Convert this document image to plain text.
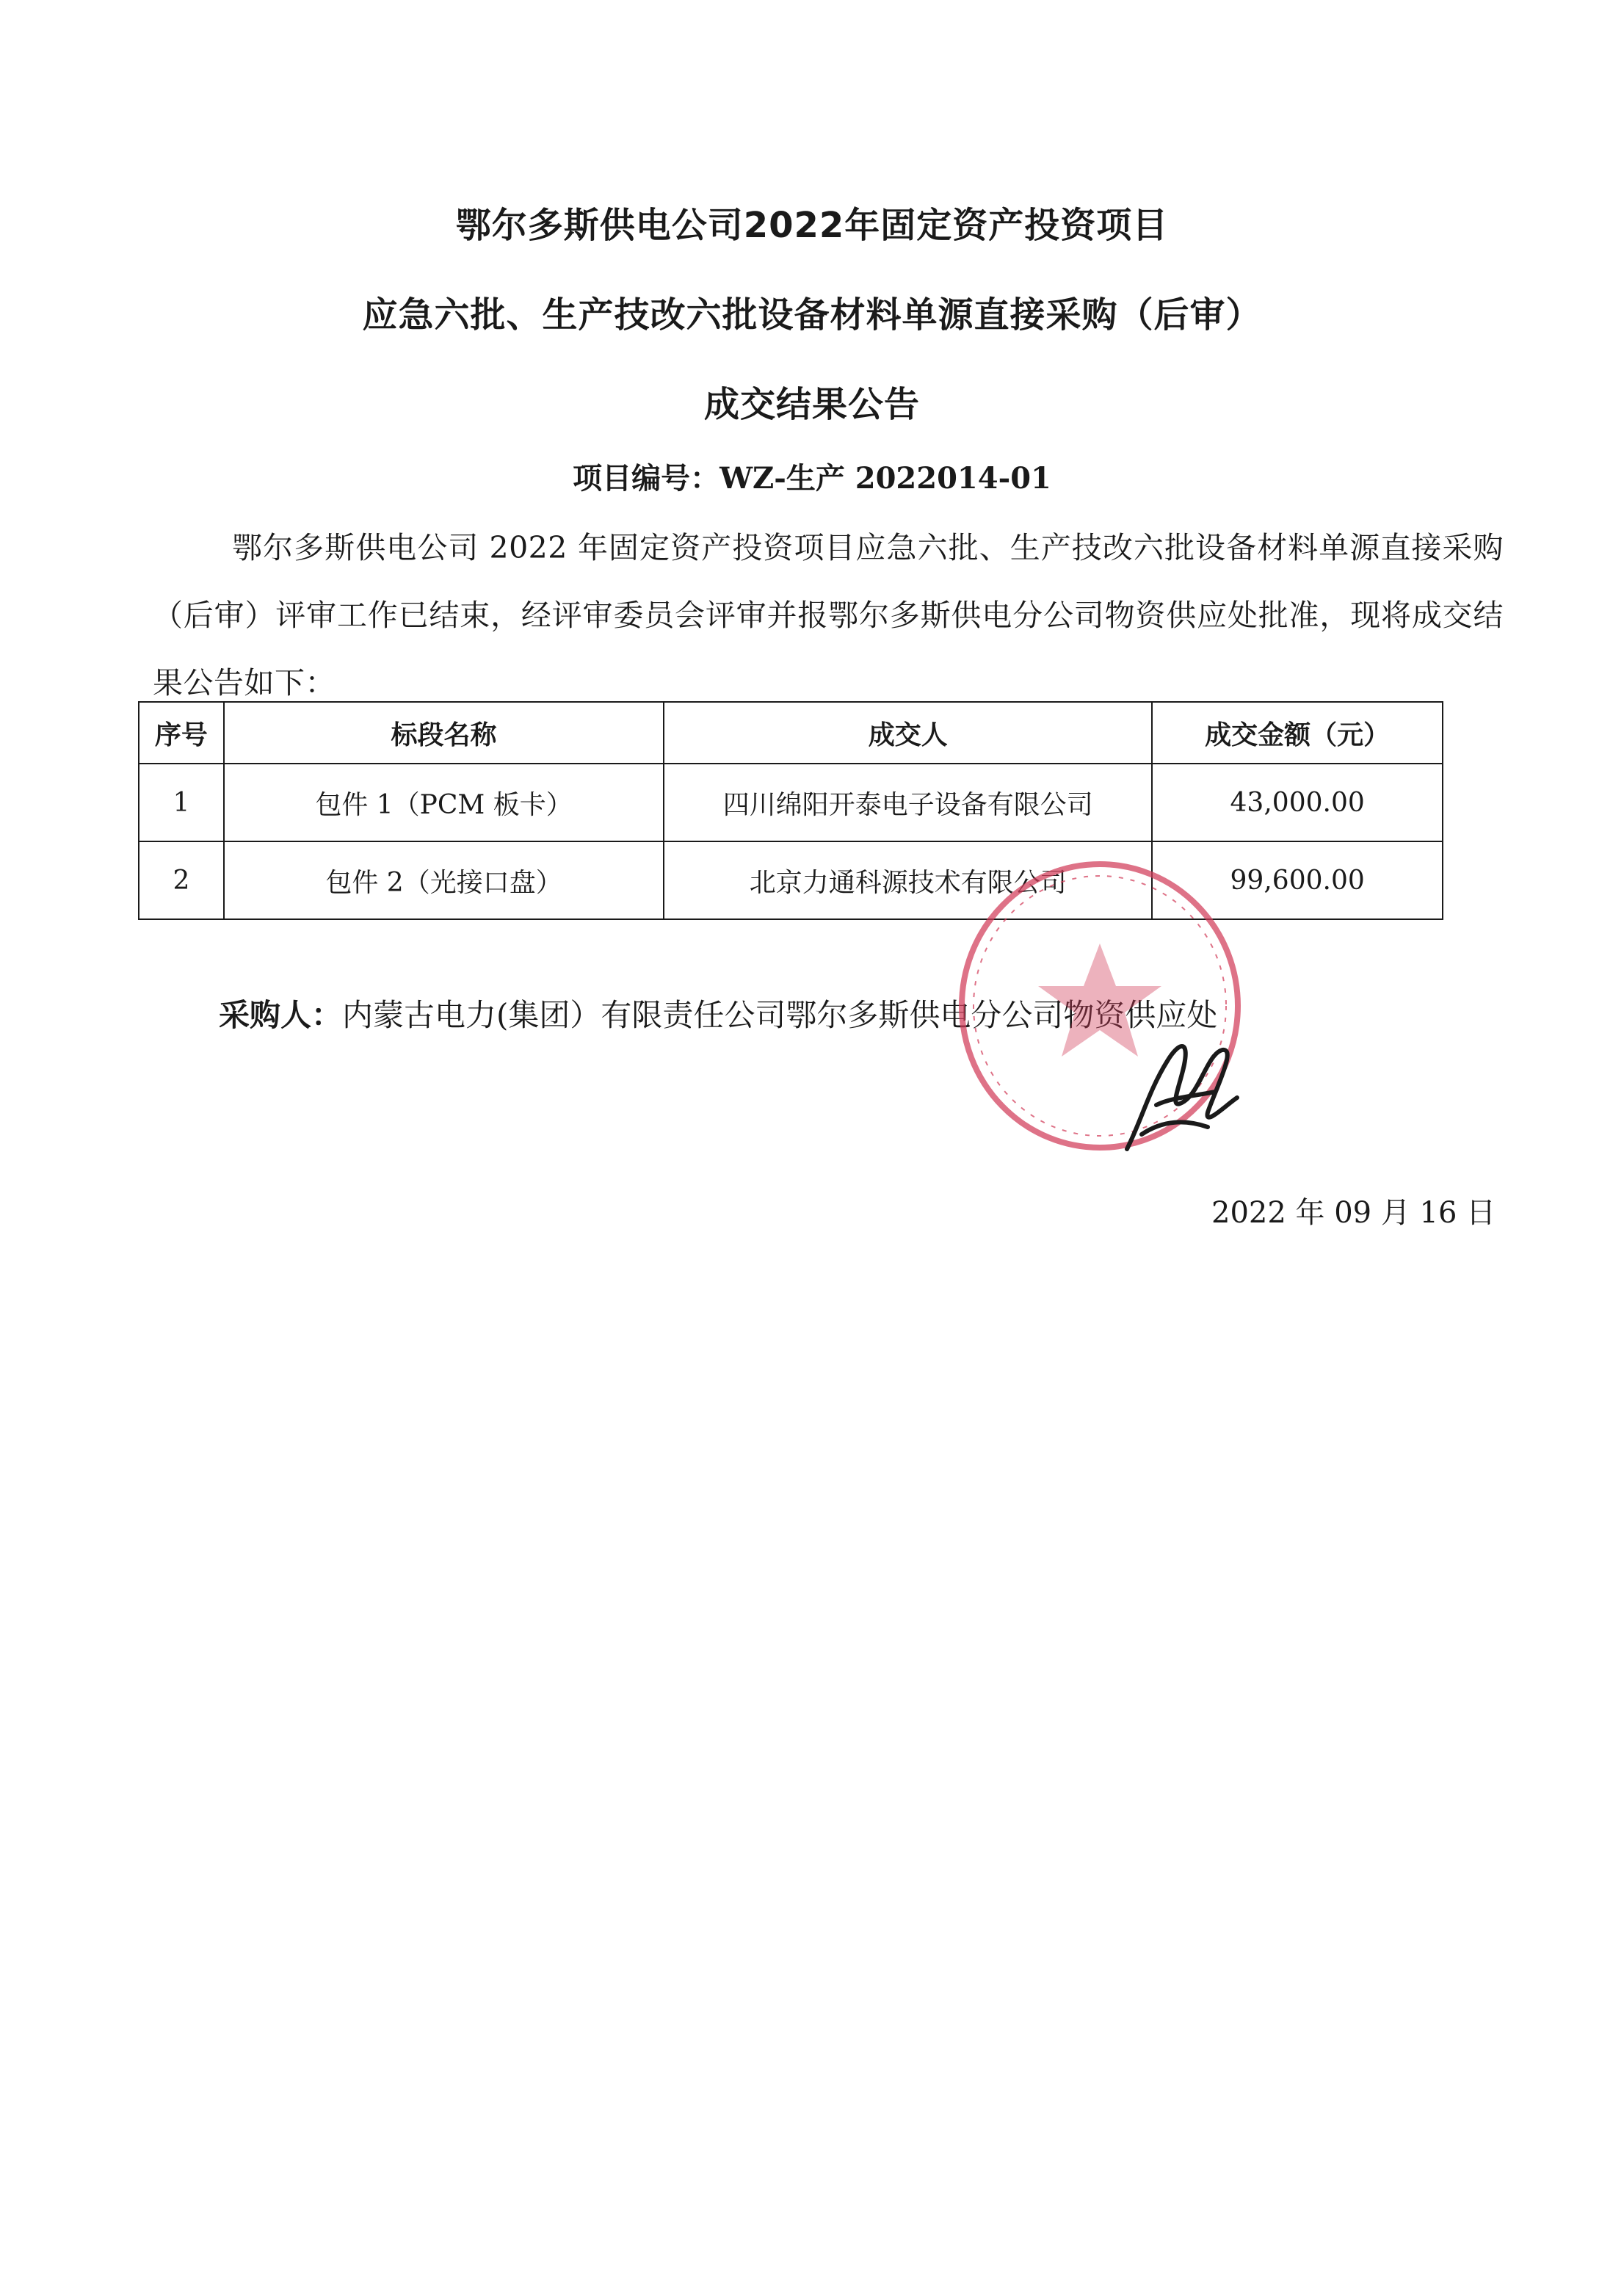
鄂尔多斯供电公司2022年固定资产投资项目
应急六批、生产技改六批设备材料单源直接采购（后审）
成交结果公告
项目编号：WZ-生产 2022014-01
鄂尔多斯供电公司 2022 年固定资产投资项目应急六批、生产技改六批设备材料单源直接采购（后审）评审工作已结束，经评审委员会评审并报鄂尔多斯供电分公司物资供应处批准，现将成交结果公告如下：
序号	标段名称	成交人	成交金额（元）
1	包件 1（PCM 板卡）	四川绵阳开泰电子设备有限公司	43,000.00
2	包件 2（光接口盘）	北京力通科源技术有限公司	99,600.00
采购人：内蒙古电力(集团）有限责任公司鄂尔多斯供电分公司物资供应处
2022 年 09 月 16 日
